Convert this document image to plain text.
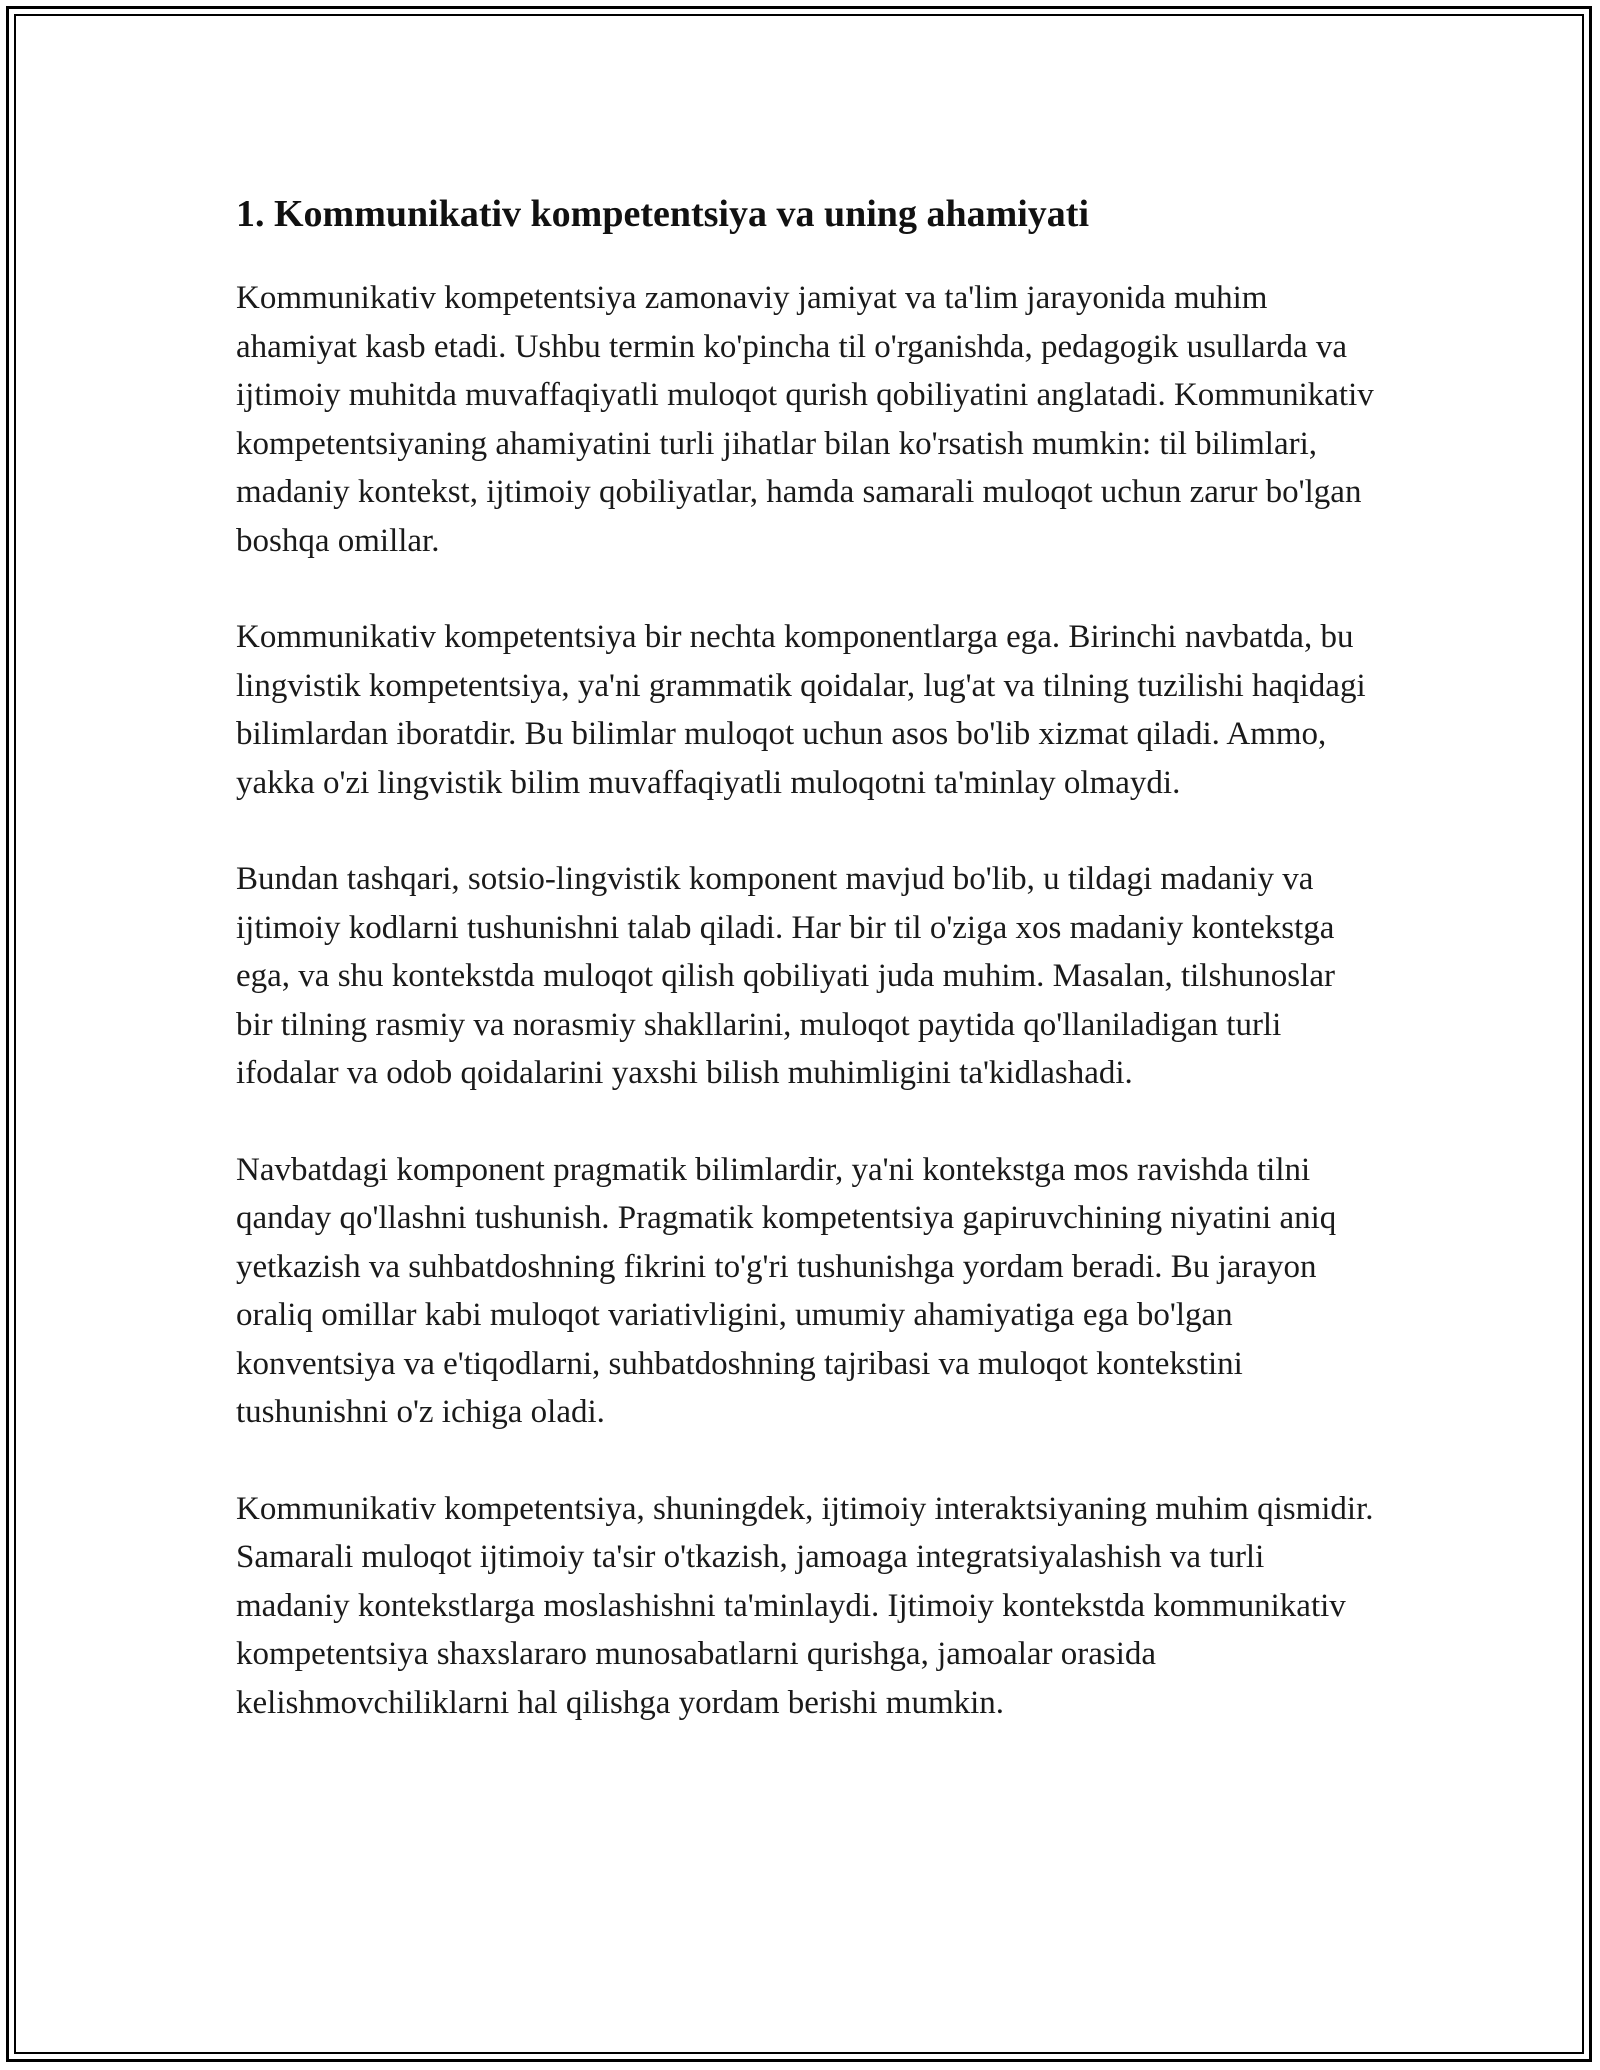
1. Kommunikativ kompetentsiya va uning ahamiyati

Kommunikativ kompetentsiya zamonaviy jamiyat va ta'lim jarayonida muhim ahamiyat kasb etadi. Ushbu termin ko'pincha til o'rganishda, pedagogik usullarda va ijtimoiy muhitda muvaffaqiyatli muloqot qurish qobiliyatini anglatadi. Kommunikativ kompetentsiyaning ahamiyatini turli jihatlar bilan ko'rsatish mumkin: til bilimlari, madaniy kontekst, ijtimoiy qobiliyatlar, hamda samarali muloqot uchun zarur bo'lgan boshqa omillar.

Kommunikativ kompetentsiya bir nechta komponentlarga ega. Birinchi navbatda, bu lingvistik kompetentsiya, ya'ni grammatik qoidalar, lug'at va tilning tuzilishi haqidagi bilimlardan iboratdir. Bu bilimlar muloqot uchun asos bo'lib xizmat qiladi. Ammo, yakka o'zi lingvistik bilim muvaffaqiyatli muloqotni ta'minlay olmaydi.

Bundan tashqari, sotsio-lingvistik komponent mavjud bo'lib, u tildagi madaniy va ijtimoiy kodlarni tushunishni talab qiladi. Har bir til o'ziga xos madaniy kontekstga ega, va shu kontekstda muloqot qilish qobiliyati juda muhim. Masalan, tilshunoslar bir tilning rasmiy va norasmiy shakllarini, muloqot paytida qo'llaniladigan turli ifodalar va odob qoidalarini yaxshi bilish muhimligini ta'kidlashadi.

Navbatdagi komponent pragmatik bilimlardir, ya'ni kontekstga mos ravishda tilni qanday qo'llashni tushunish. Pragmatik kompetentsiya gapiruvchining niyatini aniq yetkazish va suhbatdoshning fikrini to'g'ri tushunishga yordam beradi. Bu jarayon oraliq omillar kabi muloqot variativligini, umumiy ahamiyatiga ega bo'lgan konventsiya va e'tiqodlarni, suhbatdoshning tajribasi va muloqot kontekstini tushunishni o'z ichiga oladi.

Kommunikativ kompetentsiya, shuningdek, ijtimoiy interaktsiyaning muhim qismidir. Samarali muloqot ijtimoiy ta'sir o'tkazish, jamoaga integratsiyalashish va turli madaniy kontekstlarga moslashishni ta'minlaydi. Ijtimoiy kontekstda kommunikativ kompetentsiya shaxslararo munosabatlarni qurishga, jamoalar orasida kelishmovchiliklarni hal qilishga yordam berishi mumkin.
